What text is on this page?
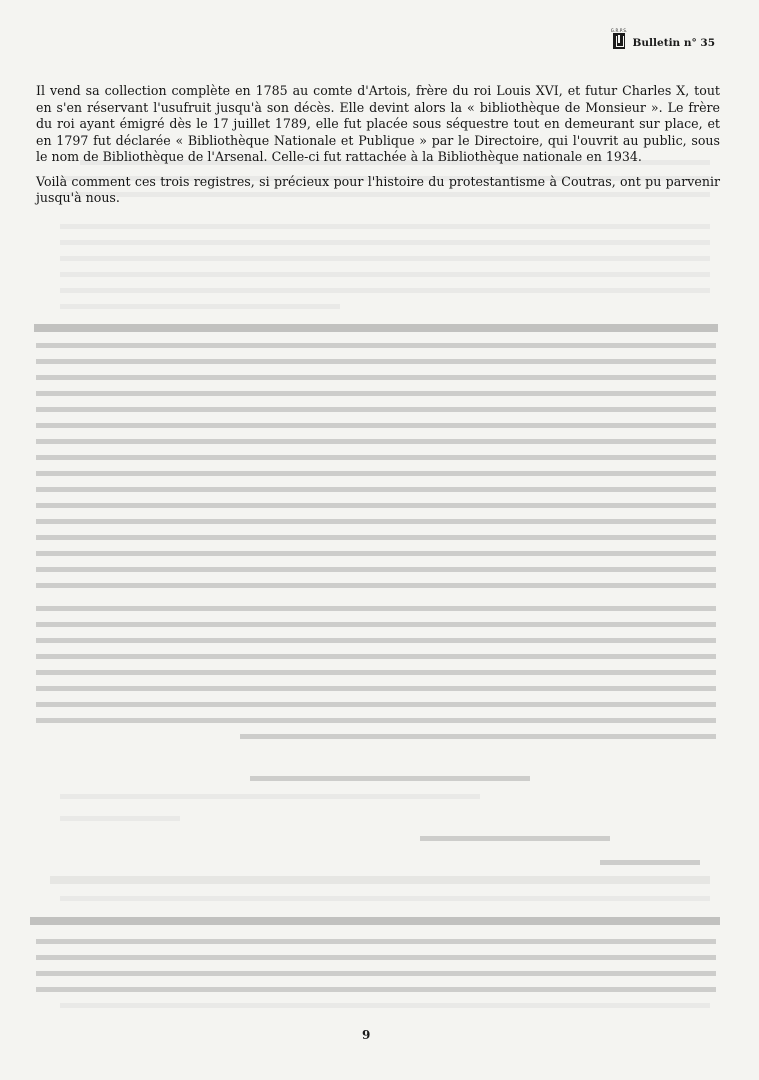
G.R.P.S.
Bulletin n° 35

Il vend sa collection complète en 1785 au comte d'Artois, frère du roi Louis XVI, et futur Charles X, tout en s'en réservant l'usufruit jusqu'à son décès. Elle devint alors la « bibliothèque de Monsieur ». Le frère du roi ayant émigré dès le 17 juillet 1789, elle fut placée sous séquestre tout en demeurant sur place, et en 1797 fut déclarée « Bibliothèque Nationale et Publique » par le Directoire, qui l'ouvrit au public, sous le nom de Bibliothèque de l'Arsenal. Celle-ci fut rattachée à la Bibliothèque nationale en 1934.

Voilà comment ces trois registres, si précieux pour l'histoire du protestantisme à Coutras, ont pu parvenir jusqu'à nous.

9
